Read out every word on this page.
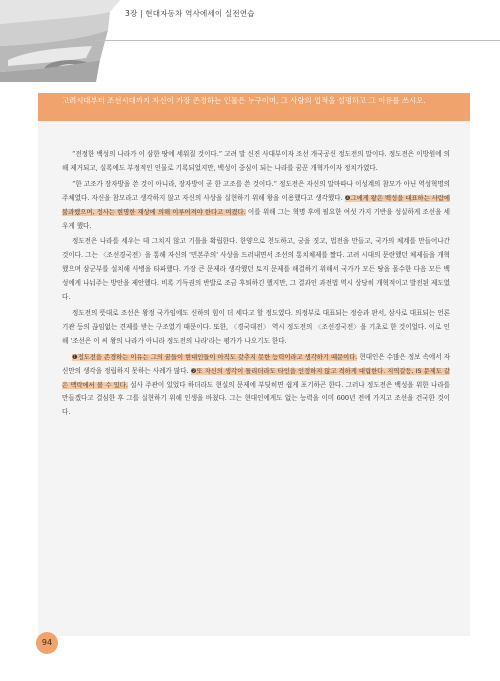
3장 | 현대자동차 역사에세이 실전연습
고려시대부터 조선시대까지 자신이 가장 존경하는 인물은 누구이며, 그 사람의 업적을 설명하고 그 이유를 쓰시오.

“전정한 백성의 나라가 이 삼한 땅에 세워질 것이다.” 고려 말 신진 사대부이자 조선 개국공신 정도전의 말이다. 정도전은 이방원에 의해 제거되고, 실록에도 부정적인 인물로 기록되었지만, 백성이 중심이 되는 나라를 꿈꾼 개혁가이자 정치가였다.

“한 고조가 장자방을 쓴 것이 아니라, 장자방이 곧 한 고조를 쓴 것이다.” 정도전은 자신의 말마따나 이성계의 참모가 아닌 역성혁명의 주체였다. 자신을 참모라고 생각하지 않고 자신의 사상을 실현하기 위해 왕을 이용했다고 생각했다. ❹그에게 왕은 백성을 대표하는 사람에 불과했으며, 정사는 현명한 재상에 의해 이루어져야 한다고 여겼다. 이를 위해 그는 혁명 후에 필요한 여섯 가지 기반을 성실하게 조선을 세우게 했다.

정도전은 나라를 세우는 데 그치지 않고 기틀을 확립한다. 한양으로 천도하고, 궁을 짓고, 법전을 만들고, 국가의 체계를 만들어나간 것이다. 그는 〈조선경국전〉을 통해 자신의 '민본주의' 사상을 드러내면서 조선의 통치체제를 짰다. 고려 시대의 문란했던 체제들을 개혁했으며 삼군부를 설치해 사병을 타파했다. 가장 큰 문제라 생각했던 토지 문제를 해결하기 위해서 국가가 모든 땅을 몰수한 다음 모든 백성에게 나눠주는 방안을 제안했다. 비록 기득권의 반발로 조금 후퇴하긴 했지만, 그 결과인 과전법 역시 상당히 개혁적이고 발전된 제도였다.

정도전의 뜻대로 조선은 왕정 국가임에도 신하의 힘이 더 세다고 할 정도였다. 의정부로 대표되는 정승과 판서, 삼사로 대표되는 언론기관 등의 끊임없는 견제를 받는 구조였기 때문이다. 또한, 〈경국대전〉 역시 정도전의 〈조선경국전〉을 기초로 한 것이었다. 이로 인해 '조선은 이 씨 왕의 나라가 아니라 정도전의 나라'라는 평가가 나오기도 한다.

❶정도전을 존경하는 이유는 그의 꿈들이 현대인들이 아직도 갖추지 못한 능력이라고 생각하기 때문이다. 현대인은 수많은 정보 속에서 자신만의 생각을 정립하지 못하는 사례가 많다. ❷또 자신의 생각이 틀리더라도 타인을 인정하지 않고 격하게 대립한다. 지역갈등, IS 문제도 같은 맥락에서 볼 수 있다. 설사 주관이 있었다 하더라도 현실의 문제에 부딪히면 쉽게 포기하곤 한다. 그러나 정도전은 백성을 위한 나라를 만들겠다고 결심한 후 그를 실현하기 위해 인생을 바쳤다. 그는 현대인에게도 없는 능력을 이미 600년 전에 가지고 조선을 건국한 것이다.

94
